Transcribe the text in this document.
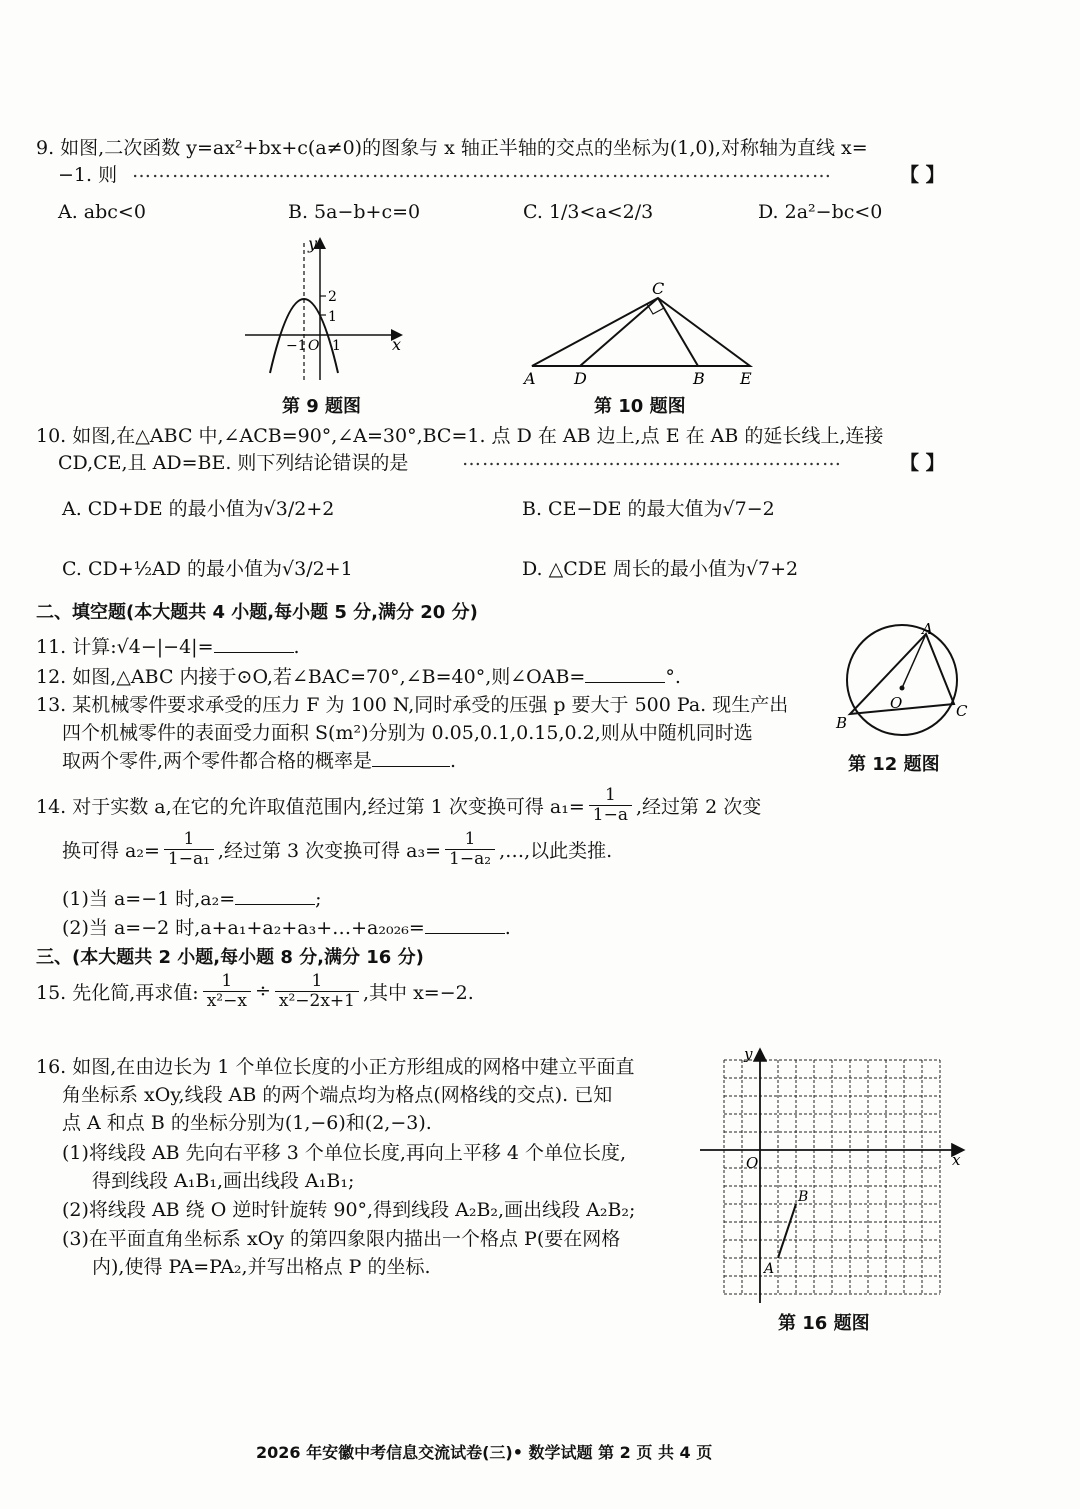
9. 如图,二次函数 y=ax²+bx+c(a≠0)的图象与 x 轴正半轴的交点的坐标为(1,0),对称轴为直线 x=
−1. 则 ……………………………………………………………………………………………	【 】
A. abc<0	B. 5a−b+c=0	C. 1/3<a<2/3	D. 2a²−bc<0
x
y
2
1
−1 O 1
第 9 题图
A D	B E
C
第 10 题图
10. 如图,在△ABC 中,∠ACB=90°,∠A=30°,BC=1. 点 D 在 AB 边上,点 E 在 AB 的延长线上,连接
CD,CE,且 AD=BE. 则下列结论错误的是	…………………………………………………	【 】
A. CD+DE 的最小值为√3/2+2	B. CE−DE 的最大值为√7−2
C. CD+½AD 的最小值为√3/2+1	D. △CDE 周长的最小值为√7+2
二、填空题(本大题共 4 小题,每小题 5 分,满分 20 分)
11. 计算:√4−|−4|=	.
12. 如图,△ABC 内接于⊙O,若∠BAC=70°,∠B=40°,则∠OAB=	°.
A
B
C
O
第 12 题图
13. 某机械零件要求承受的压力 F 为 100 N,同时承受的压强 p 要大于 500 Pa. 现生产出
四个机械零件的表面受力面积 S(m²)分别为 0.05,0.1,0.15,0.2,则从中随机同时选
取两个零件,两个零件都合格的概率是	.
14. 对于实数 a,在它的允许取值范围内,经过第 1 次变换可得 $a_1= \frac{1}{1-a}$ ,经过第 2 次变
换可得 $a_2= \frac{1}{\text{1−a₁}}$ ,经过第 3 次变换可得 $a_3= \frac{1}{\text{1−a₂}}$ ,…,以此类推.
(1)当 a=−1 时,a₂=	;
(2)当 a=−2 时,a+a₁+a₂+a₃+…+a₂₀₂₆=	.
三、(本大题共 2 小题,每小题 8 分,满分 16 分)
15. 先化简,再求值: $\frac{1}{\text{x²−x}} \div \frac{1}{\text{x²−2x+1}}$ ,其中 x=−2.
16. 如图,在由边长为 1 个单位长度的小正方形组成的网格中建立平面直
角坐标系 xOy,线段 AB 的两个端点均为格点(网格线的交点). 已知
点 A 和点 B 的坐标分别为(1,−6)和(2,−3).
(1)将线段 AB 先向右平移 3 个单位长度,再向上平移 4 个单位长度,
得到线段 A₁B₁,画出线段 A₁B₁;
(2)将线段 AB 绕 O 逆时针旋转 90°,得到线段 A₂B₂,画出线段 A₂B₂;
(3)在平面直角坐标系 xOy 的第四象限内描出一个格点 P(要在网格
内),使得 PA=PA₂,并写出格点 P 的坐标.
y
x
O
A
B
第 16 题图
2026 年安徽中考信息交流试卷(三)• 数学试题 第 2 页 共 4 页
